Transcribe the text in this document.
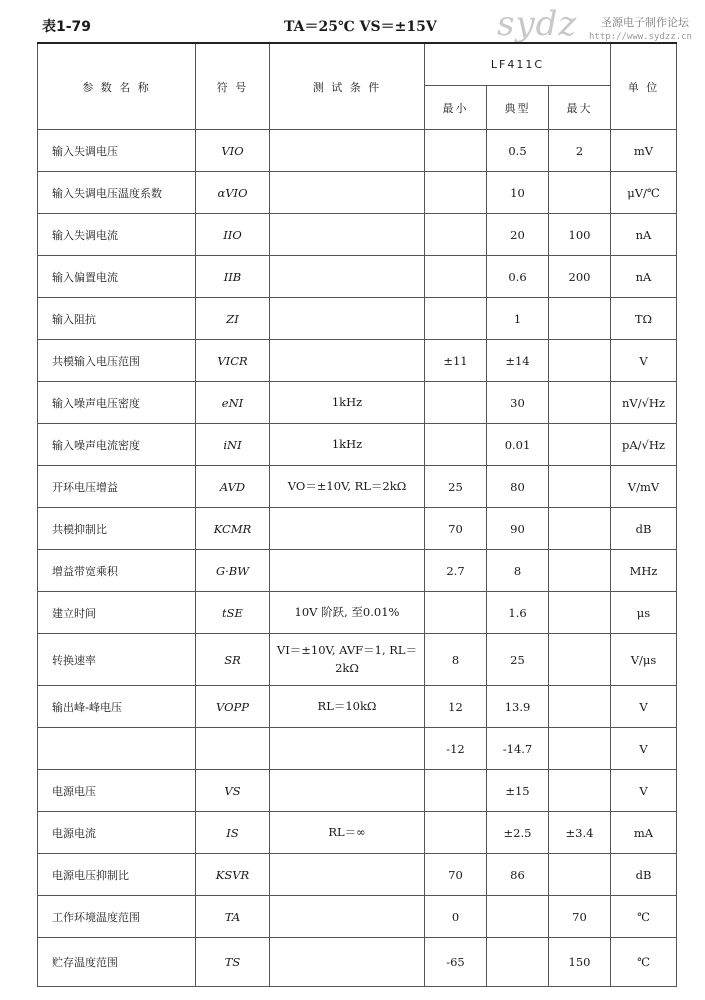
表1-79	TA＝25℃ VS＝±15V sydz 圣源电子制作论坛
http://www.sydzz.cn
参 数 名 称	符 号	测 试 条 件	LF411C			单 位
			最小	典型	最大	
输入失调电压	VIO			0.5	2	mV
输入失调电压温度系数	αVIO			10		μV/℃
输入失调电流	IIO			20	100	nA
输入偏置电流	IIB			0.6	200	nA
输入阻抗	ZI			1		TΩ
共模输入电压范围	VICR		±11	±14		V
输入噪声电压密度	eNI	1kHz		30		nV/√Hz
输入噪声电流密度	iNI	1kHz		0.01		pA/√Hz
开环电压增益	AVD	VO＝±10V, RL＝2kΩ	25	80		V/mV
共模抑制比	KCMR		70	90		dB
增益带宽乘积	G·BW		2.7	8		MHz
建立时间	tSE	10V 阶跃, 至0.01%		1.6		μs
转换速率	SR	VI＝±10V, AVF＝1, RL＝2kΩ	8	25		V/μs
输出峰-峰电压	VOPP	RL＝10kΩ	12	13.9		V
			-12	-14.7		V
电源电压	VS			±15		V
电源电流	IS	RL＝∞		±2.5	±3.4	mA
电源电压抑制比	KSVR		70	86		dB
工作环境温度范围	TA		0		70	℃
贮存温度范围	TS		-65		150	℃
